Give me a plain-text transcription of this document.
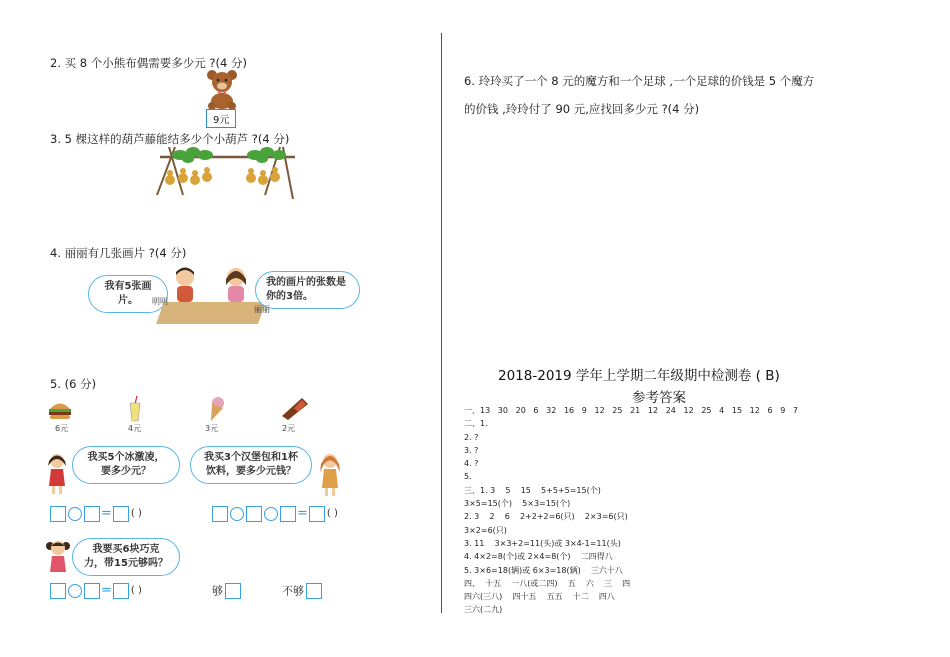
2. 买 8 个小熊布偶需要多少元 ?(4 分)
9元
3. 5 棵这样的葫芦藤能结多少个小葫芦 ?(4 分)
4. 丽丽有几张画片 ?(4 分)
我有5张画片。
我的画片的张数是你的3倍。
明明
丽丽
5. (6 分)
6元	4元	3元	2元
我买5个冰激凌，要多少元？
我买3个汉堡包和1杯饮料，要多少元钱？
= ( )	= ( )
我要买6块巧克力，带15元够吗？
= ( )	够	不够
6. 玲玲买了一个 8 元的魔方和一个足球 ,一个足球的价钱是 5 个魔方
的价钱 ,玲玲付了 90 元,应找回多少元 ?(4 分)
2018-2019 学年上学期二年级期中检测卷 ( B)
参考答案
一、13   30   20   6   32   16   9   12   25   21   12   24   12   25   4   15   12   6   9   7
二、1.
2. ?
3. ?
4. ?
5.
三、1. 3    5    15    5+5+5=15(个)
3×5=15(个)    5×3=15(个)
2. 3    2    6    2+2+2=6(只)    2×3=6(只)
3×2=6(只)
3. 11    3×3+2=11(头)或 3×4-1=11(头)
4. 4×2=8(个)或 2×4=8(个)    二四得八
5. 3×6=18(辆)或 6×3=18(辆)    三六十八
四、  十五    一八(或二四)    五    六    三    四
四六(三八)    四十五    五五    十二    四八
三六(二九)
